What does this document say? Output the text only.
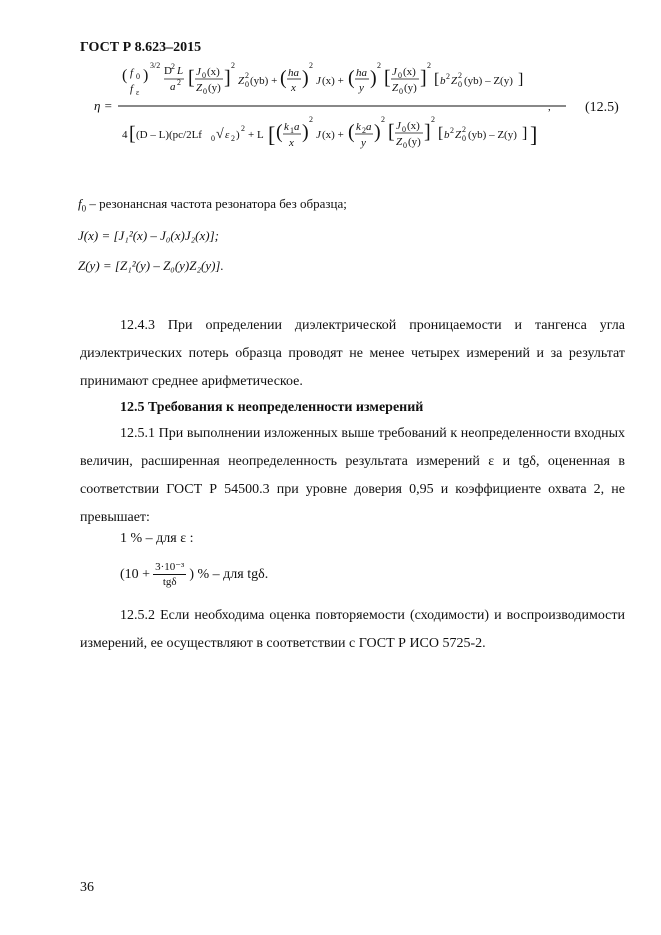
ГОСТ Р 8.623–2015
η =
( f 0
f ε
)
3/2 D 2 L
a 2 [ J 0 (x)
Z 0 (y) ]
2
Z 2
0 (yb) + ( ha
x )
2
J (x) + ( ha
y )
2
[ J 0 (x)
Z 0 (y) ]
2
[ b 2 Z 2
0 (yb) – Z(y) ]
4 [ (D – L)(pc/2Lf 0 √ ε 2 )
2
+ L [ ( k 1 a
x )
2
J (x) + ( k 2 a
y )
2
[ J 0 (x)
Z 0 (y) ]
2
[ b 2 Z 2
0 (yb) – Z(y) ] ]
, (12.5)
$f_0$ – резонансная частота резонатора без образца;
J(x) = [J₁²(x) – J₀(x)J₂(x)];
Z(y) = [Z₁²(y) – Z₀(y)Z₂(y)].
12.4.3 При определении диэлектрической проницаемости и тангенса угла диэлектрических потерь образца проводят не менее четырех измерений и за результат принимают среднее арифметическое.
12.5 Требования к неопределенности измерений
12.5.1 При выполнении изложенных выше требований к неопределенности входных величин, расширенная неопределенность результата измерений ε и tgδ, оцененная в соответствии ГОСТ Р 54500.3 при уровне доверия 0,95 и коэффициенте охвата 2, не превышает:
1 % – для ε :
(10 + 3·10⁻³
tgδ
) % – для tgδ.
12.5.2 Если необходима оценка повторяемости (сходимости) и воспроизводимости измерений, ее осуществляют в соответствии с ГОСТ Р ИСО 5725-2.
36
